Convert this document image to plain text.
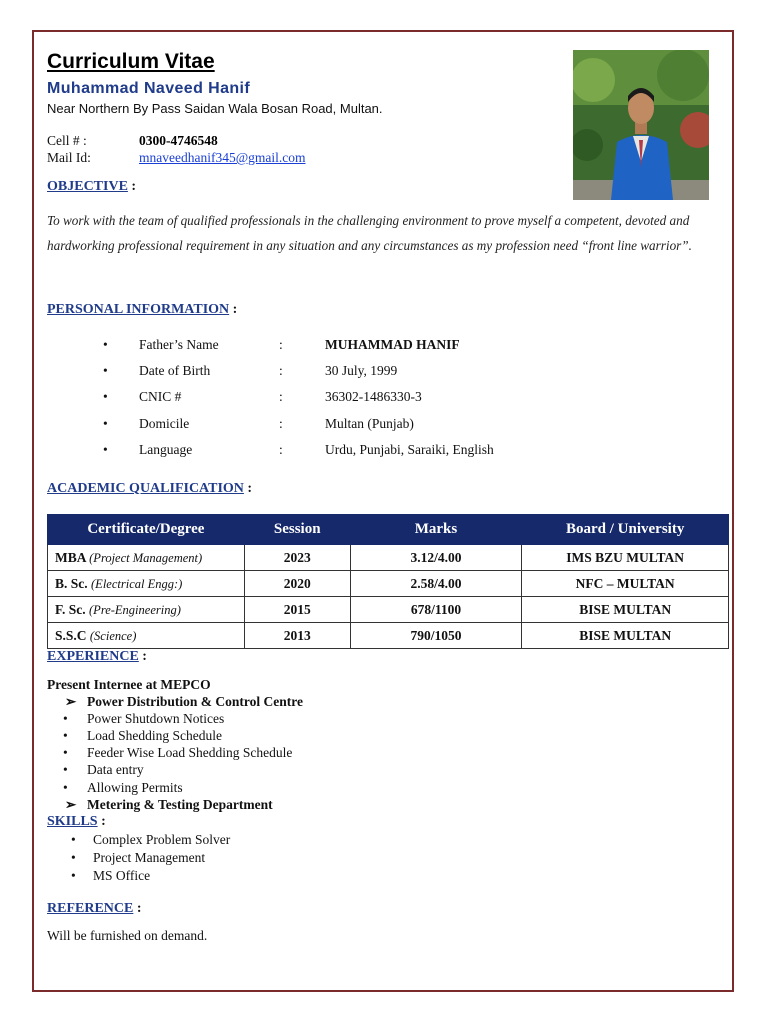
Curriculum Vitae
Muhammad Naveed Hanif
Near Northern By Pass Saidan Wala Bosan Road, Multan.
Cell # :	0300-4746548
Mail Id:	mnaveedhanif345@gmail.com
OBJECTIVE :
To work with the team of qualified professionals in the challenging environment to prove myself a competent, devoted and hardworking professional requirement in any situation and any circumstances as my profession need “front line warrior”.
PERSONAL INFORMATION :
• Father’s Name	:	MUHAMMAD HANIF
• Date of Birth	:	30 July, 1999
• CNIC #	:	36302-1486330-3
• Domicile	:	Multan (Punjab)
• Language	:	Urdu, Punjabi, Saraiki, English
ACADEMIC QUALIFICATION :
Certificate/Degree	Session	Marks	Board / University
MBA (Project Management)	2023	3.12/4.00	IMS BZU MULTAN
B. Sc. (Electrical Engg:)	2020	2.58/4.00	NFC – MULTAN
F. Sc. (Pre-Engineering)	2015	678/1100	BISE MULTAN
S.S.C (Science)	2013	790/1050	BISE MULTAN
EXPERIENCE :
Present Internee at MEPCO
➢ Power Distribution & Control Centre
• Power Shutdown Notices
• Load Shedding Schedule
• Feeder Wise Load Shedding Schedule
• Data entry
• Allowing Permits
➢ Metering & Testing Department
SKILLS :
• Complex Problem Solver
• Project Management
• MS Office
REFERENCE :
Will be furnished on demand.
